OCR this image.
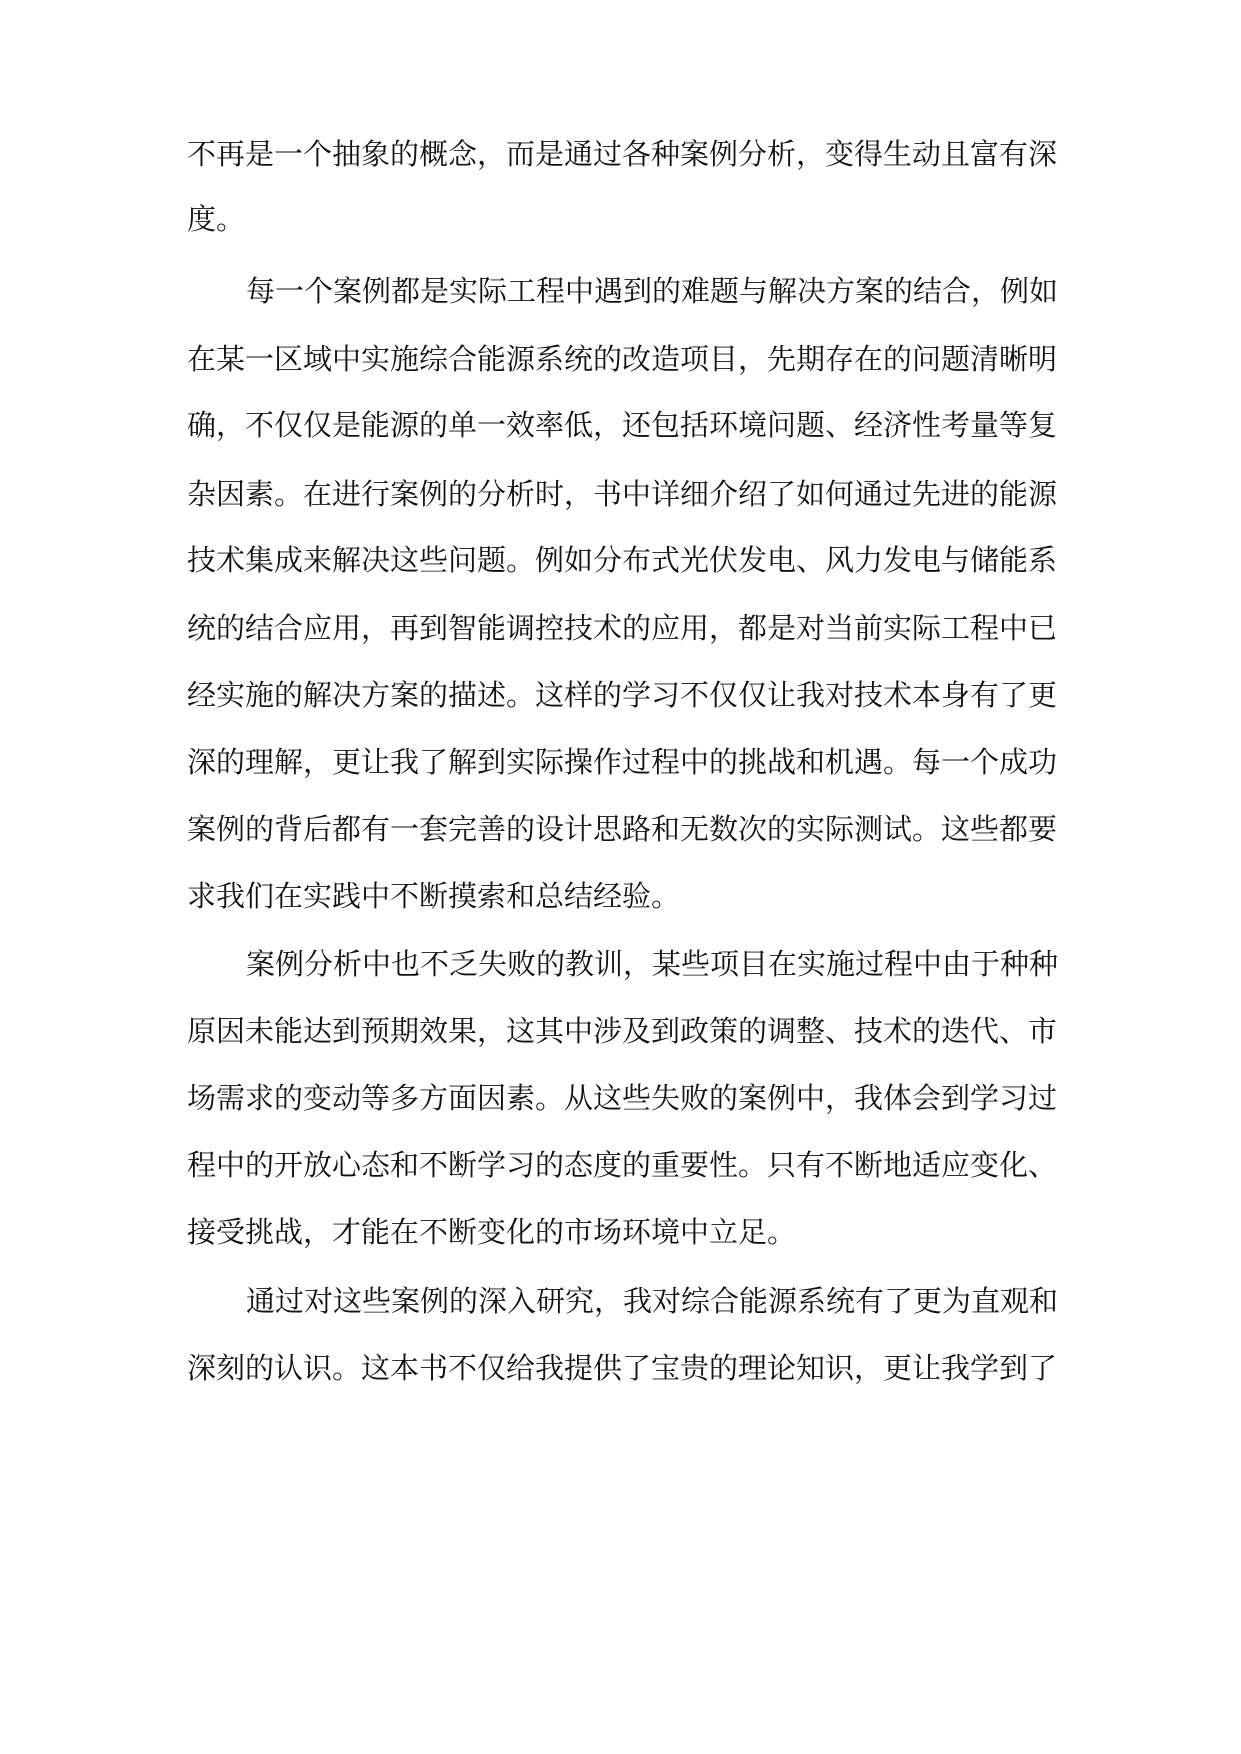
不再是一个抽象的概念，而是通过各种案例分析，变得生动且富有深
度。
每一个案例都是实际工程中遇到的难题与解决方案的结合，例如
在某一区域中实施综合能源系统的改造项目，先期存在的问题清晰明
确，不仅仅是能源的单一效率低，还包括环境问题、经济性考量等复
杂因素。在进行案例的分析时，书中详细介绍了如何通过先进的能源
技术集成来解决这些问题。例如分布式光伏发电、风力发电与储能系
统的结合应用，再到智能调控技术的应用，都是对当前实际工程中已
经实施的解决方案的描述。这样的学习不仅仅让我对技术本身有了更
深的理解，更让我了解到实际操作过程中的挑战和机遇。每一个成功
案例的背后都有一套完善的设计思路和无数次的实际测试。这些都要
求我们在实践中不断摸索和总结经验。
案例分析中也不乏失败的教训，某些项目在实施过程中由于种种
原因未能达到预期效果，这其中涉及到政策的调整、技术的迭代、市
场需求的变动等多方面因素。从这些失败的案例中，我体会到学习过
程中的开放心态和不断学习的态度的重要性。只有不断地适应变化、
接受挑战，才能在不断变化的市场环境中立足。
通过对这些案例的深入研究，我对综合能源系统有了更为直观和
深刻的认识。这本书不仅给我提供了宝贵的理论知识，更让我学到了
